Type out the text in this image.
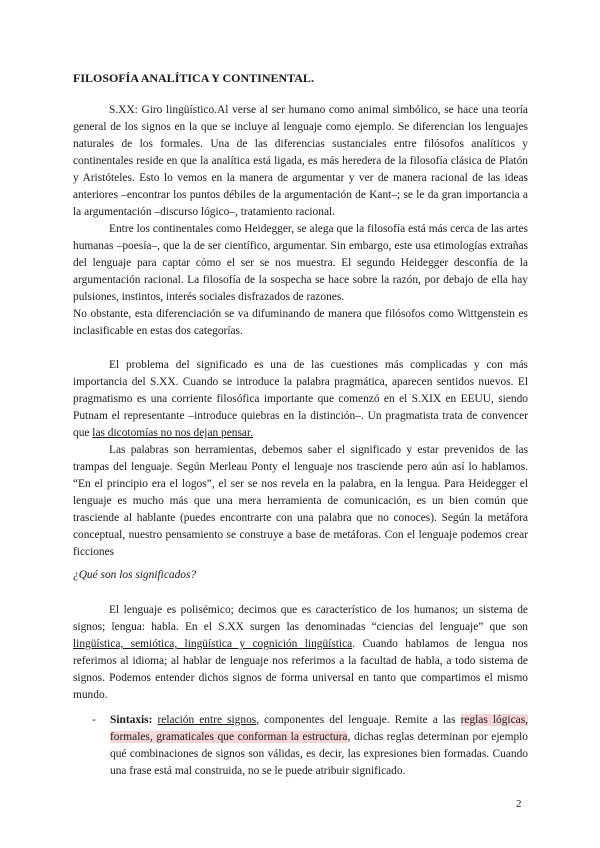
FILOSOFÍA ANALÍTICA Y CONTINENTAL.

S.XX: Giro lingüístico.Al verse al ser humano como animal simbólico, se hace una teoría general de los signos en la que se incluye al lenguaje como ejemplo. Se diferencian los lenguajes naturales de los formales. Una de las diferencias sustanciales entre filósofos analíticos y continentales reside en que la analítica está ligada, es más heredera de la filosofía clásica de Platón y Aristóteles. Esto lo vemos en la manera de argumentar y ver de manera racional de las ideas anteriores –encontrar los puntos débiles de la argumentación de Kant–; se le da gran importancia a la argumentación –discurso lógico–, tratamiento racional.

Entre los continentales como Heidegger, se alega que la filosofía está más cerca de las artes humanas –poesía–, que la de ser científico, argumentar. Sin embargo, este usa etimologías extrañas del lenguaje para captar cómo el ser se nos muestra. El segundo Heidegger desconfía de la argumentación racional. La filosofía de la sospecha se hace sobre la razón, por debajo de ella hay pulsiones, instintos, interés sociales disfrazados de razones.

No obstante, esta diferenciación se va difuminando de manera que filósofos como Wittgenstein es inclasificable en estas dos categorías.

El problema del significado es una de las cuestiones más complicadas y con más importancia del S.XX. Cuando se introduce la palabra pragmática, aparecen sentidos nuevos. El pragmatismo es una corriente filosófica importante que comenzó en el S.XIX en EEUU, siendo Putnam el representante –introduce quiebras en la distinción–. Un pragmatista trata de convencer que las dicotomías no nos dejan pensar.

Las palabras son herramientas, debemos saber el significado y estar prevenidos de las trampas del lenguaje. Según Merleau Ponty el lenguaje nos trasciende pero aún así lo hablamos. “En el principio era el logos”, el ser se nos revela en la palabra, en la lengua. Para Heidegger el lenguaje es mucho más que una mera herramienta de comunicación, es un bien común que trasciende al hablante (puedes encontrarte con una palabra que no conoces). Según la metáfora conceptual, nuestro pensamiento se construye a base de metáforas. Con el lenguaje podemos crear ficciones

¿Qué son los significados?

El lenguaje es polisémico; decimos que es característico de los humanos; un sistema de signos; lengua: habla. En el S.XX surgen las denominadas “ciencias del lenguaje” que son lingüística, semiótica, lingüística y cognición lingüística. Cuando hablamos de lengua nos referimos al idioma; al hablar de lenguaje nos referimos a la facultad de habla, a todo sistema de signos. Podemos entender dichos signos de forma universal en tanto que compartimos el mismo mundo.

- Sintaxis: relación entre signos, componentes del lenguaje. Remite a las reglas lógicas, formales, gramaticales que conforman la estructura, dichas reglas determinan por ejemplo qué combinaciones de signos son válidas, es decir, las expresiones bien formadas. Cuando una frase está mal construida, no se le puede atribuir significado.

2
